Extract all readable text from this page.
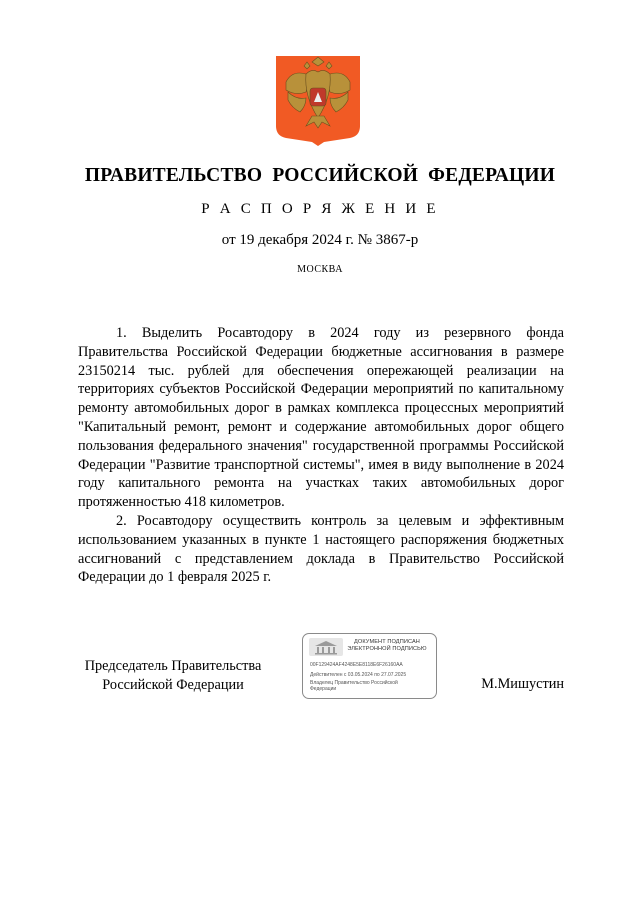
ПРАВИТЕЛЬСТВО РОССИЙСКОЙ ФЕДЕРАЦИИ
Р А С П О Р Я Ж Е Н И Е
от 19 декабря 2024 г. № 3867-р
МОСКВА

1. Выделить Росавтодору в 2024 году из резервного фонда Правительства Российской Федерации бюджетные ассигнования в размере 23150214 тыс. рублей для обеспечения опережающей реализации на территориях субъектов Российской Федерации мероприятий по капитальному ремонту автомобильных дорог в рамках комплекса процессных мероприятий "Капитальный ремонт, ремонт и содержание автомобильных дорог общего пользования федерального значения" государственной программы Российской Федерации "Развитие транспортной системы", имея в виду выполнение в 2024 году капитального ремонта на участках таких автомобильных дорог протяженностью 418 километров.

2. Росавтодору осуществить контроль за целевым и эффективным использованием указанных в пункте 1 настоящего распоряжения бюджетных ассигнований с представлением доклада в Правительство Российской Федерации до 1 февраля 2025 г.

Председатель Правительства Российской Федерации	М.Мишустин
ДОКУМЕНТ ПОДПИСАН ЭЛЕКТРОННОЙ ПОДПИСЬЮ
00F129424AF4248E5E8118E6F26160AA
Действителен с 03.05.2024 по 27.07.2025
Владелец Правительство Российской Федерации
